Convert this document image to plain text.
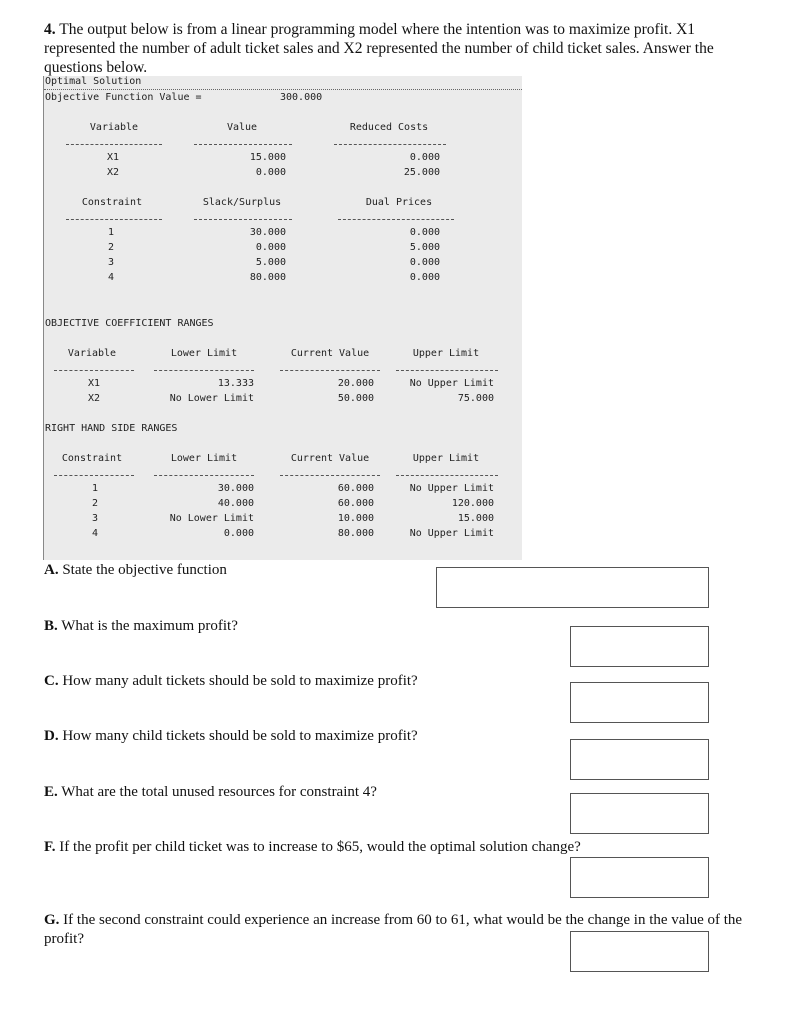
4. The output below is from a linear programming model where the intention was to maximize profit. X1 represented the number of adult ticket sales and X2 represented the number of child ticket sales. Answer the questions below.
Optimal Solution
Objective Function Value =	300.000
Variable	Value	Reduced Costs
X1	15.000	0.000
X2	0.000	25.000
Constraint	Slack/Surplus	Dual Prices
1	30.000	0.000
2	0.000	5.000
3	5.000	0.000
4	80.000	0.000
OBJECTIVE COEFFICIENT RANGES
Variable	Lower Limit	Current Value	Upper Limit
X1	13.333	20.000	No Upper Limit
X2	No Lower Limit	50.000	75.000
RIGHT HAND SIDE RANGES
Constraint	Lower Limit	Current Value	Upper Limit
1	30.000	60.000	No Upper Limit
2	40.000	60.000	120.000
3	No Lower Limit	10.000	15.000
4	0.000	80.000	No Upper Limit
A. State the objective function
B. What is the maximum profit?
C. How many adult tickets should be sold to maximize profit?
D. How many child tickets should be sold to maximize profit?
E. What are the total unused resources for constraint 4?
F. If the profit per child ticket was to increase to $65, would the optimal solution change?
G. If the second constraint could experience an increase from 60 to 61, what would be the change in the value of the profit?
